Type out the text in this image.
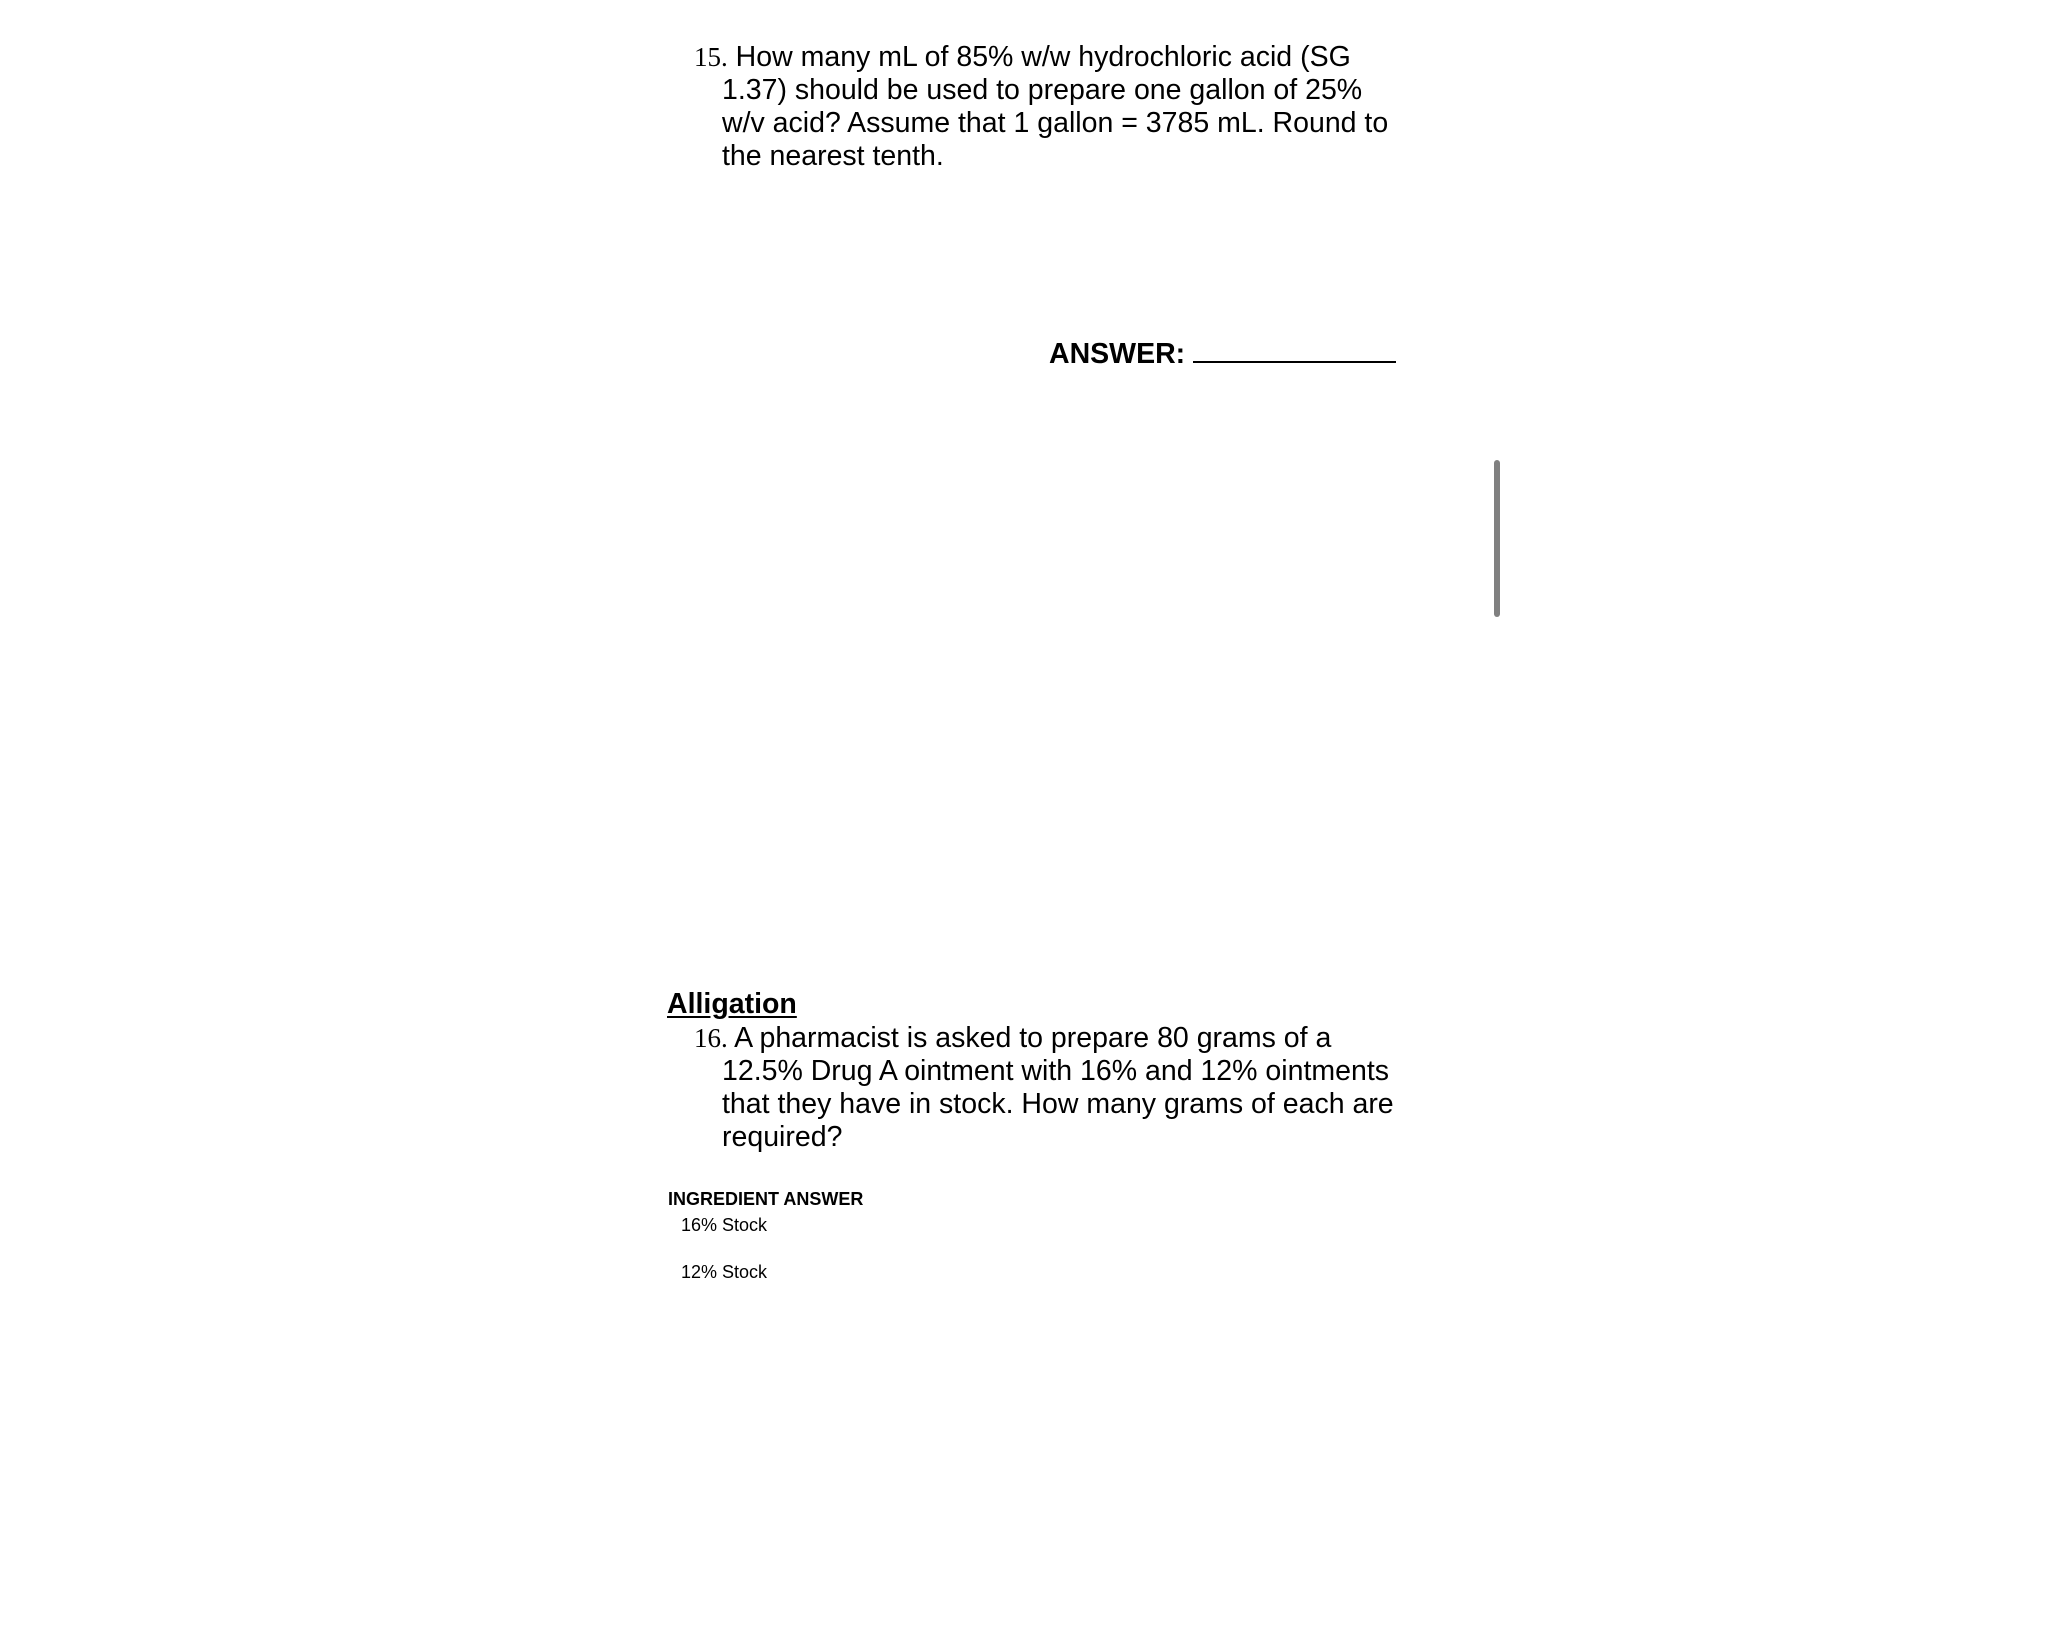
15. How many mL of 85% w/w hydrochloric acid (SG
1.37) should be used to prepare one gallon of 25%
w/v acid? Assume that 1 gallon = 3785 mL. Round to
the nearest tenth.
ANSWER:
Alligation
16. A pharmacist is asked to prepare 80 grams of a
12.5% Drug A ointment with 16% and 12% ointments
that they have in stock. How many grams of each are
required?
INGREDIENT ANSWER
16% Stock
12% Stock
